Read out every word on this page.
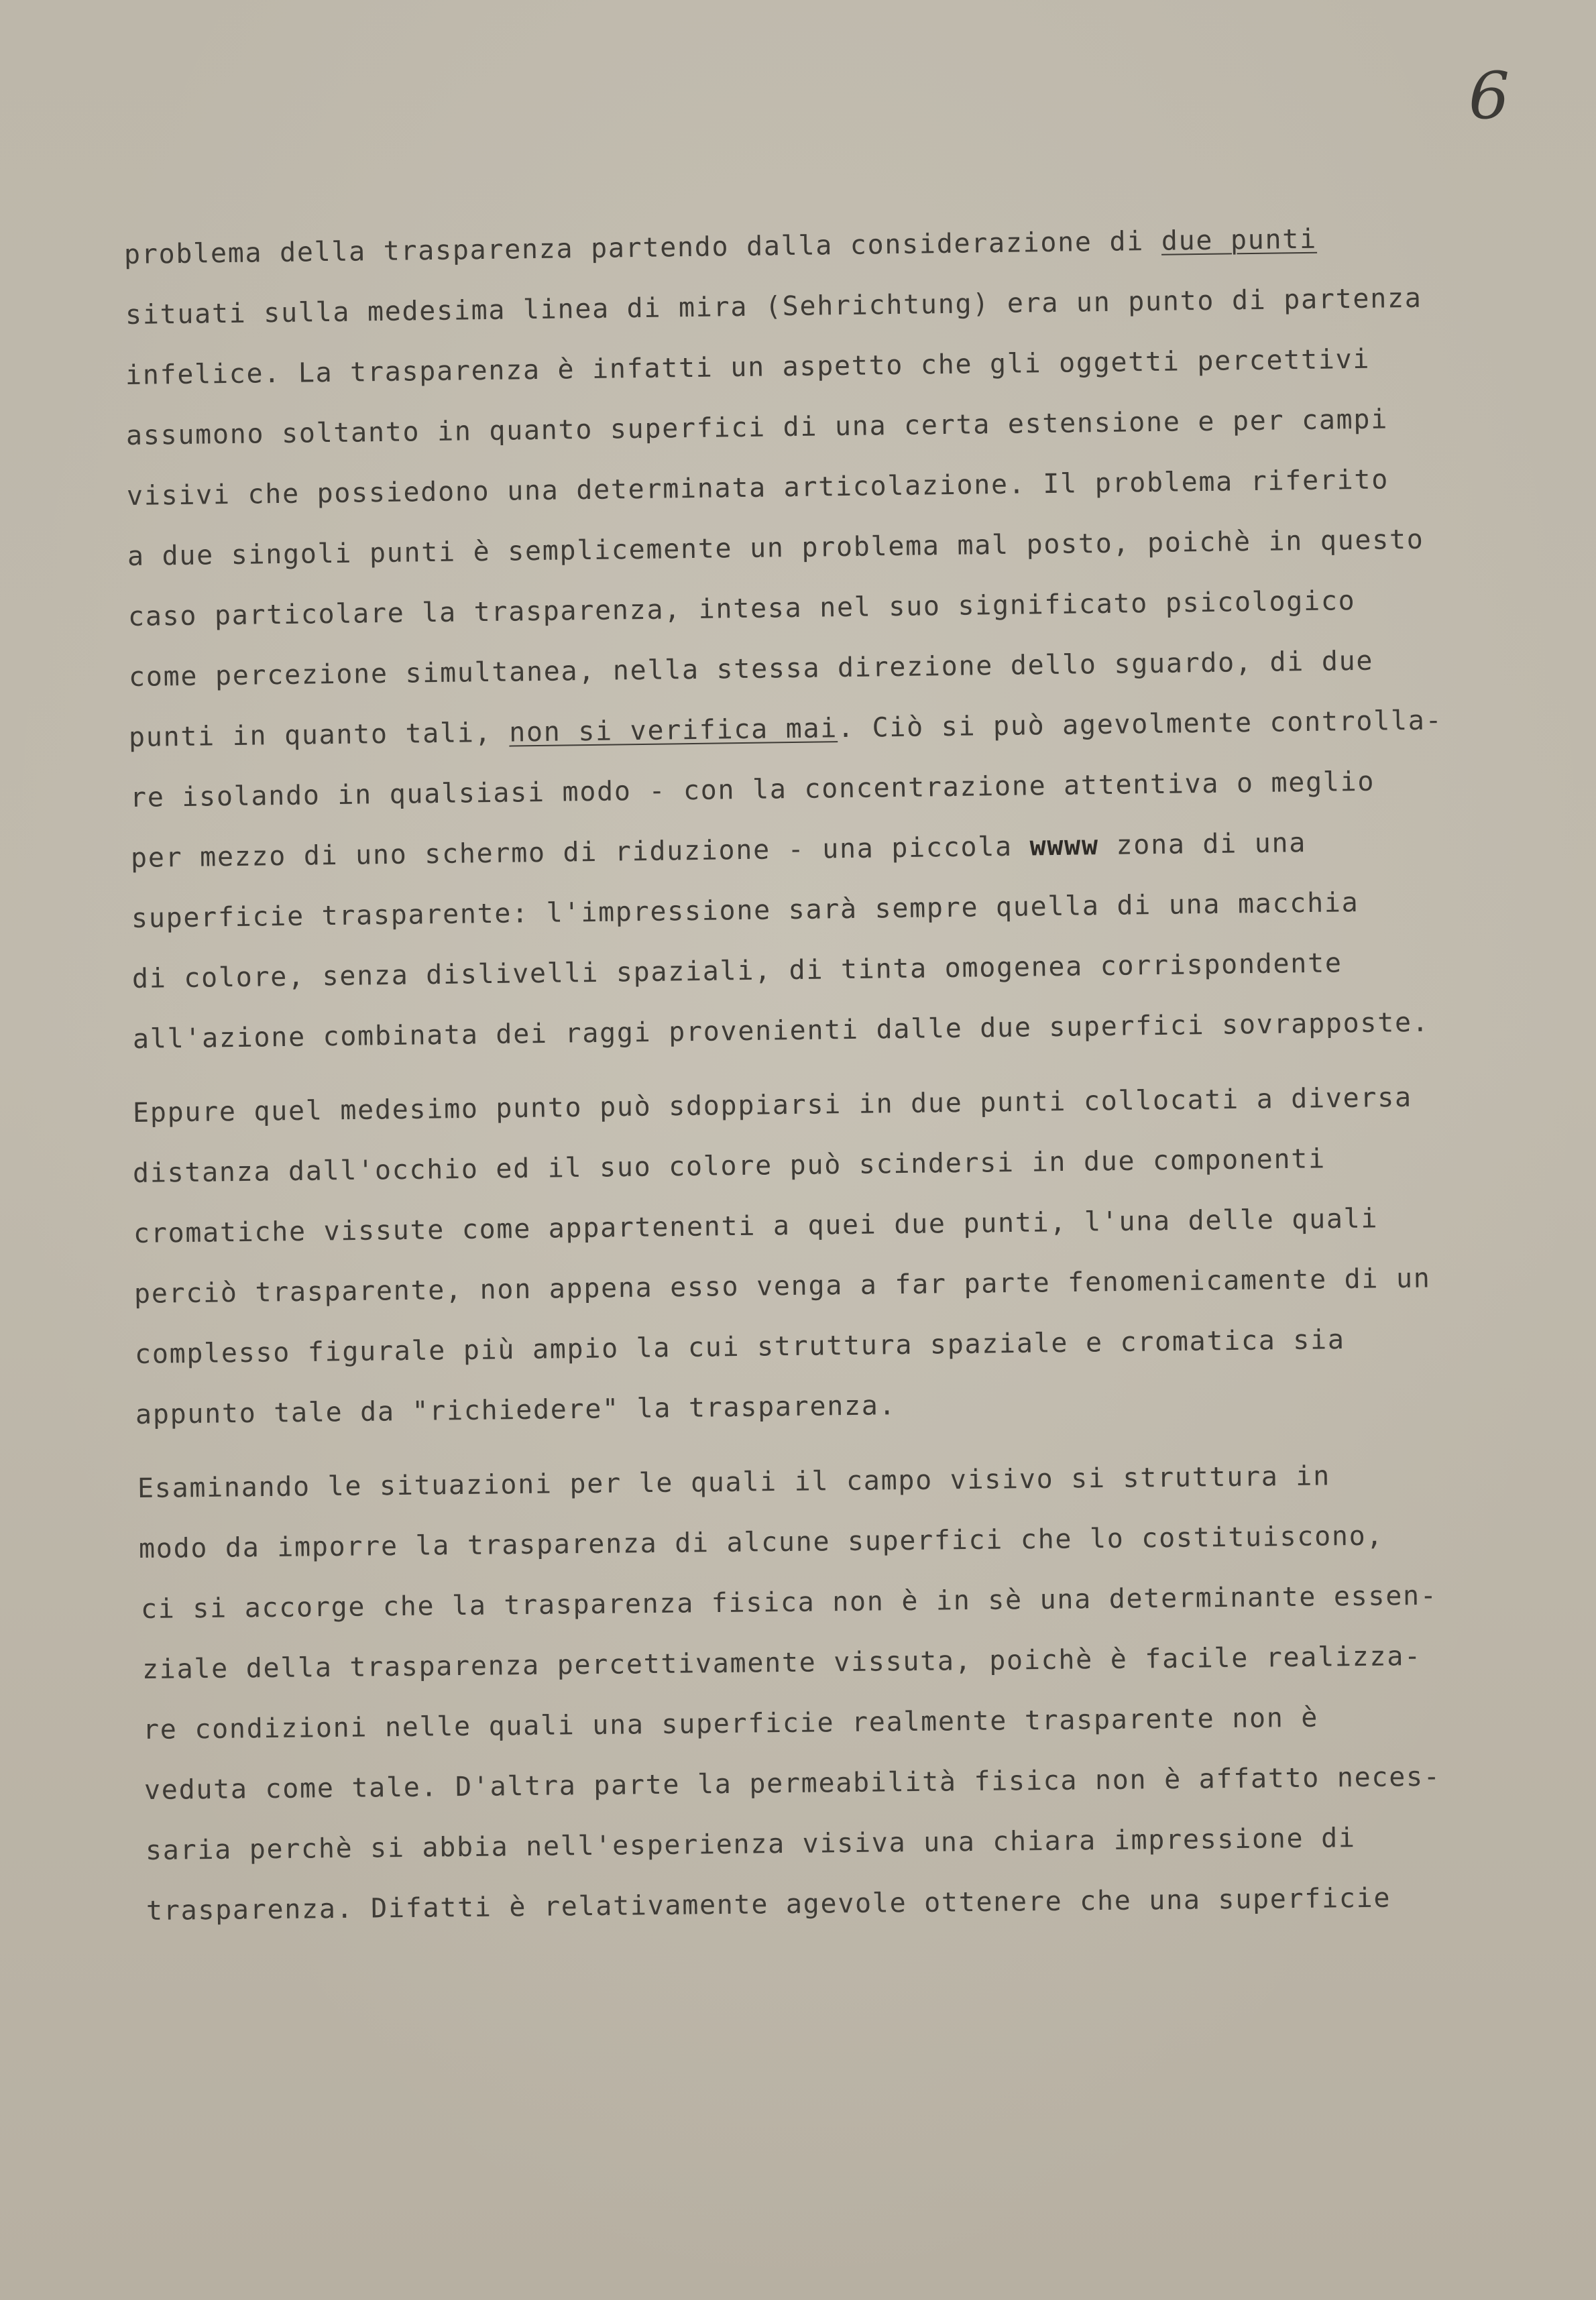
6
problema della trasparenza partendo dalla considerazione di due punti
situati sulla medesima linea di mira (Sehrichtung) era un punto di partenza
infelice. La trasparenza è infatti un aspetto che gli oggetti percettivi
assumono soltanto in quanto superfici di una certa estensione e per campi
visivi che possiedono una determinata articolazione. Il problema riferito
a due singoli punti è semplicemente un problema mal posto, poichè in questo
caso particolare la trasparenza, intesa nel suo significato psicologico
come percezione simultanea, nella stessa direzione dello sguardo, di due
punti in quanto tali, non si verifica mai. Ciò si può agevolmente controlla-
re isolando in qualsiasi modo - con la concentrazione attentiva o meglio
per mezzo di uno schermo di riduzione - una piccola wwww zona di una
superficie trasparente: l'impressione sarà sempre quella di una macchia
di colore, senza dislivelli spaziali, di tinta omogenea corrispondente
all'azione combinata dei raggi provenienti dalle due superfici sovrapposte.
Eppure quel medesimo punto può sdoppiarsi in due punti collocati a diversa
distanza dall'occhio ed il suo colore può scindersi in due componenti
cromatiche vissute come appartenenti a quei due punti, l'una delle quali
perciò trasparente, non appena esso venga a far parte fenomenicamente di un
complesso figurale più ampio la cui struttura spaziale e cromatica sia
appunto tale da "richiedere" la trasparenza.
Esaminando le situazioni per le quali il campo visivo si struttura in
modo da imporre la trasparenza di alcune superfici che lo costituiscono,
ci si accorge che la trasparenza fisica non è in sè una determinante essen-
ziale della trasparenza percettivamente vissuta, poichè è facile realizza-
re condizioni nelle quali una superficie realmente trasparente non è
veduta come tale. D'altra parte la permeabilità fisica non è affatto neces-
saria perchè si abbia nell'esperienza visiva una chiara impressione di
trasparenza. Difatti è relativamente agevole ottenere che una superficie
